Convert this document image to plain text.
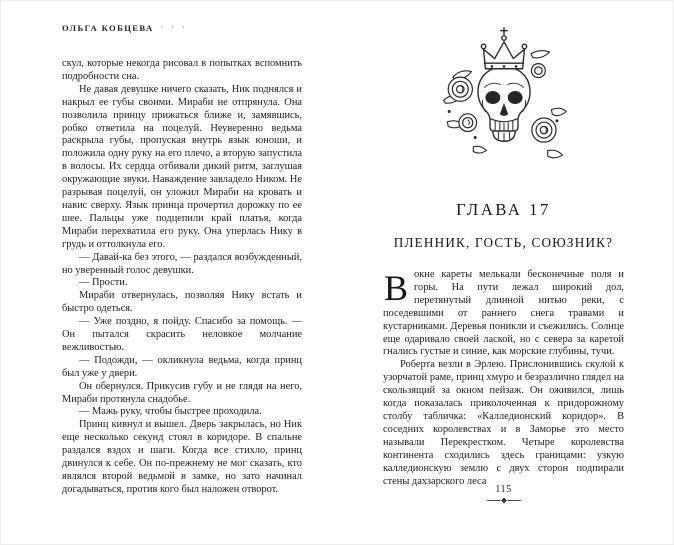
ОЛЬГА КОБЦЕВА · · ·

скул, которые некогда рисовал в попытках вспомнить подробности сна.

Не давая девушке ничего сказать, Ник поднялся и накрыл ее губы своими. Мираби не отпрянула. Она позволила принцу прижаться ближе и, замявшись, робко ответила на поцелуй. Неуверенно ведьма раскрыла губы, пропуская внутрь язык юноши, и положила одну руку на его плечо, а вторую запустила в волосы. Их сердца отбивали дикий ритм, заглушая окружающие звуки. Наваждение завладело Ником. Не разрывая поцелуй, он уложил Мираби на кровать и навис сверху. Язык принца прочертил дорожку по ее шее. Пальцы уже подцепили край платья, когда Мираби перехватила его руку. Она уперлась Нику в грудь и оттолкнула его.

— Давай-ка без этого, — раздался возбужденный, но уверенный голос девушки.

— Прости.

Мираби отвернулась, позволяя Нику встать и быстро одеться.

— Уже поздно, я пойду. Спасибо за помощь. — Он пытался скрасить неловкое молчание вежливостью.

— Подожди, — окликнула ведьма, когда принц был уже у двери.

Он обернулся. Прикусив губу и не глядя на него, Мираби протянула снадобье.

— Мажь руку, чтобы быстрее проходила.

Принц кивнул и вышел. Дверь закрылась, но Ник еще несколько секунд стоял в коридоре. В спальне раздался вздох и шаги. Когда все стихло, принц двинулся к себе. Он по-прежнему не мог сказать, кто являлся второй ведьмой в замке, но зато начинал догадываться, против кого был наложен отворот.

ГЛАВА 17
ПЛЕННИК, ГОСТЬ, СОЮЗНИК?

Вокне кареты мелькали бесконечные поля и горы. На пути лежал широкий дол, перетянутый длинной нитью реки, с поседевшими от раннего снега травами и кустарниками. Деревья поникли и съежились. Солнце еще одаривало своей лаской, но с севера за каретой гнались густые и синие, как морские глубины, тучи.

Роберта везли в Эрлею. Прислонившись скулой к узорчатой раме, принц хмуро и безразлично глядел на скользящий за окном пейзаж. Он оживился, лишь когда показалась приколоченная к придорожному столбу табличка: «Калледионский коридор». В соседних королевствах и в Заморье это место называли Перекрестком. Четыре королевства континента сходились здесь границами: узкую калледионскую землю с двух сторон подпирали стены дахзарского леса

115
